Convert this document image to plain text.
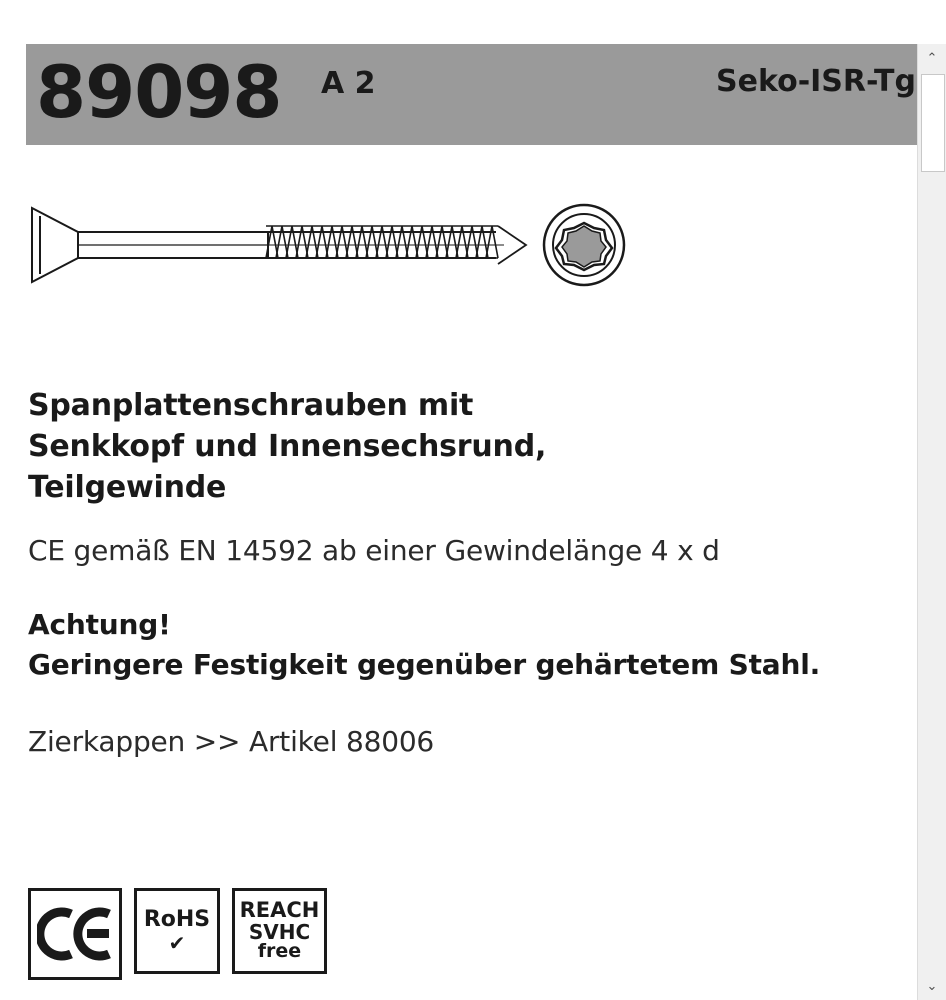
89098 A 2	Seko-ISR-Tg
Spanplattenschrauben mit
Senkkopf und Innensechsrund,
Teilgewinde
CE gemäß EN 14592 ab einer Gewindelänge 4 x d
Achtung!
Geringere Festigkeit gegenüber gehärtetem Stahl.
Zierkappen >> Artikel 88006
RoHS
✔
REACH
SVHC
free
⌃
⌄
